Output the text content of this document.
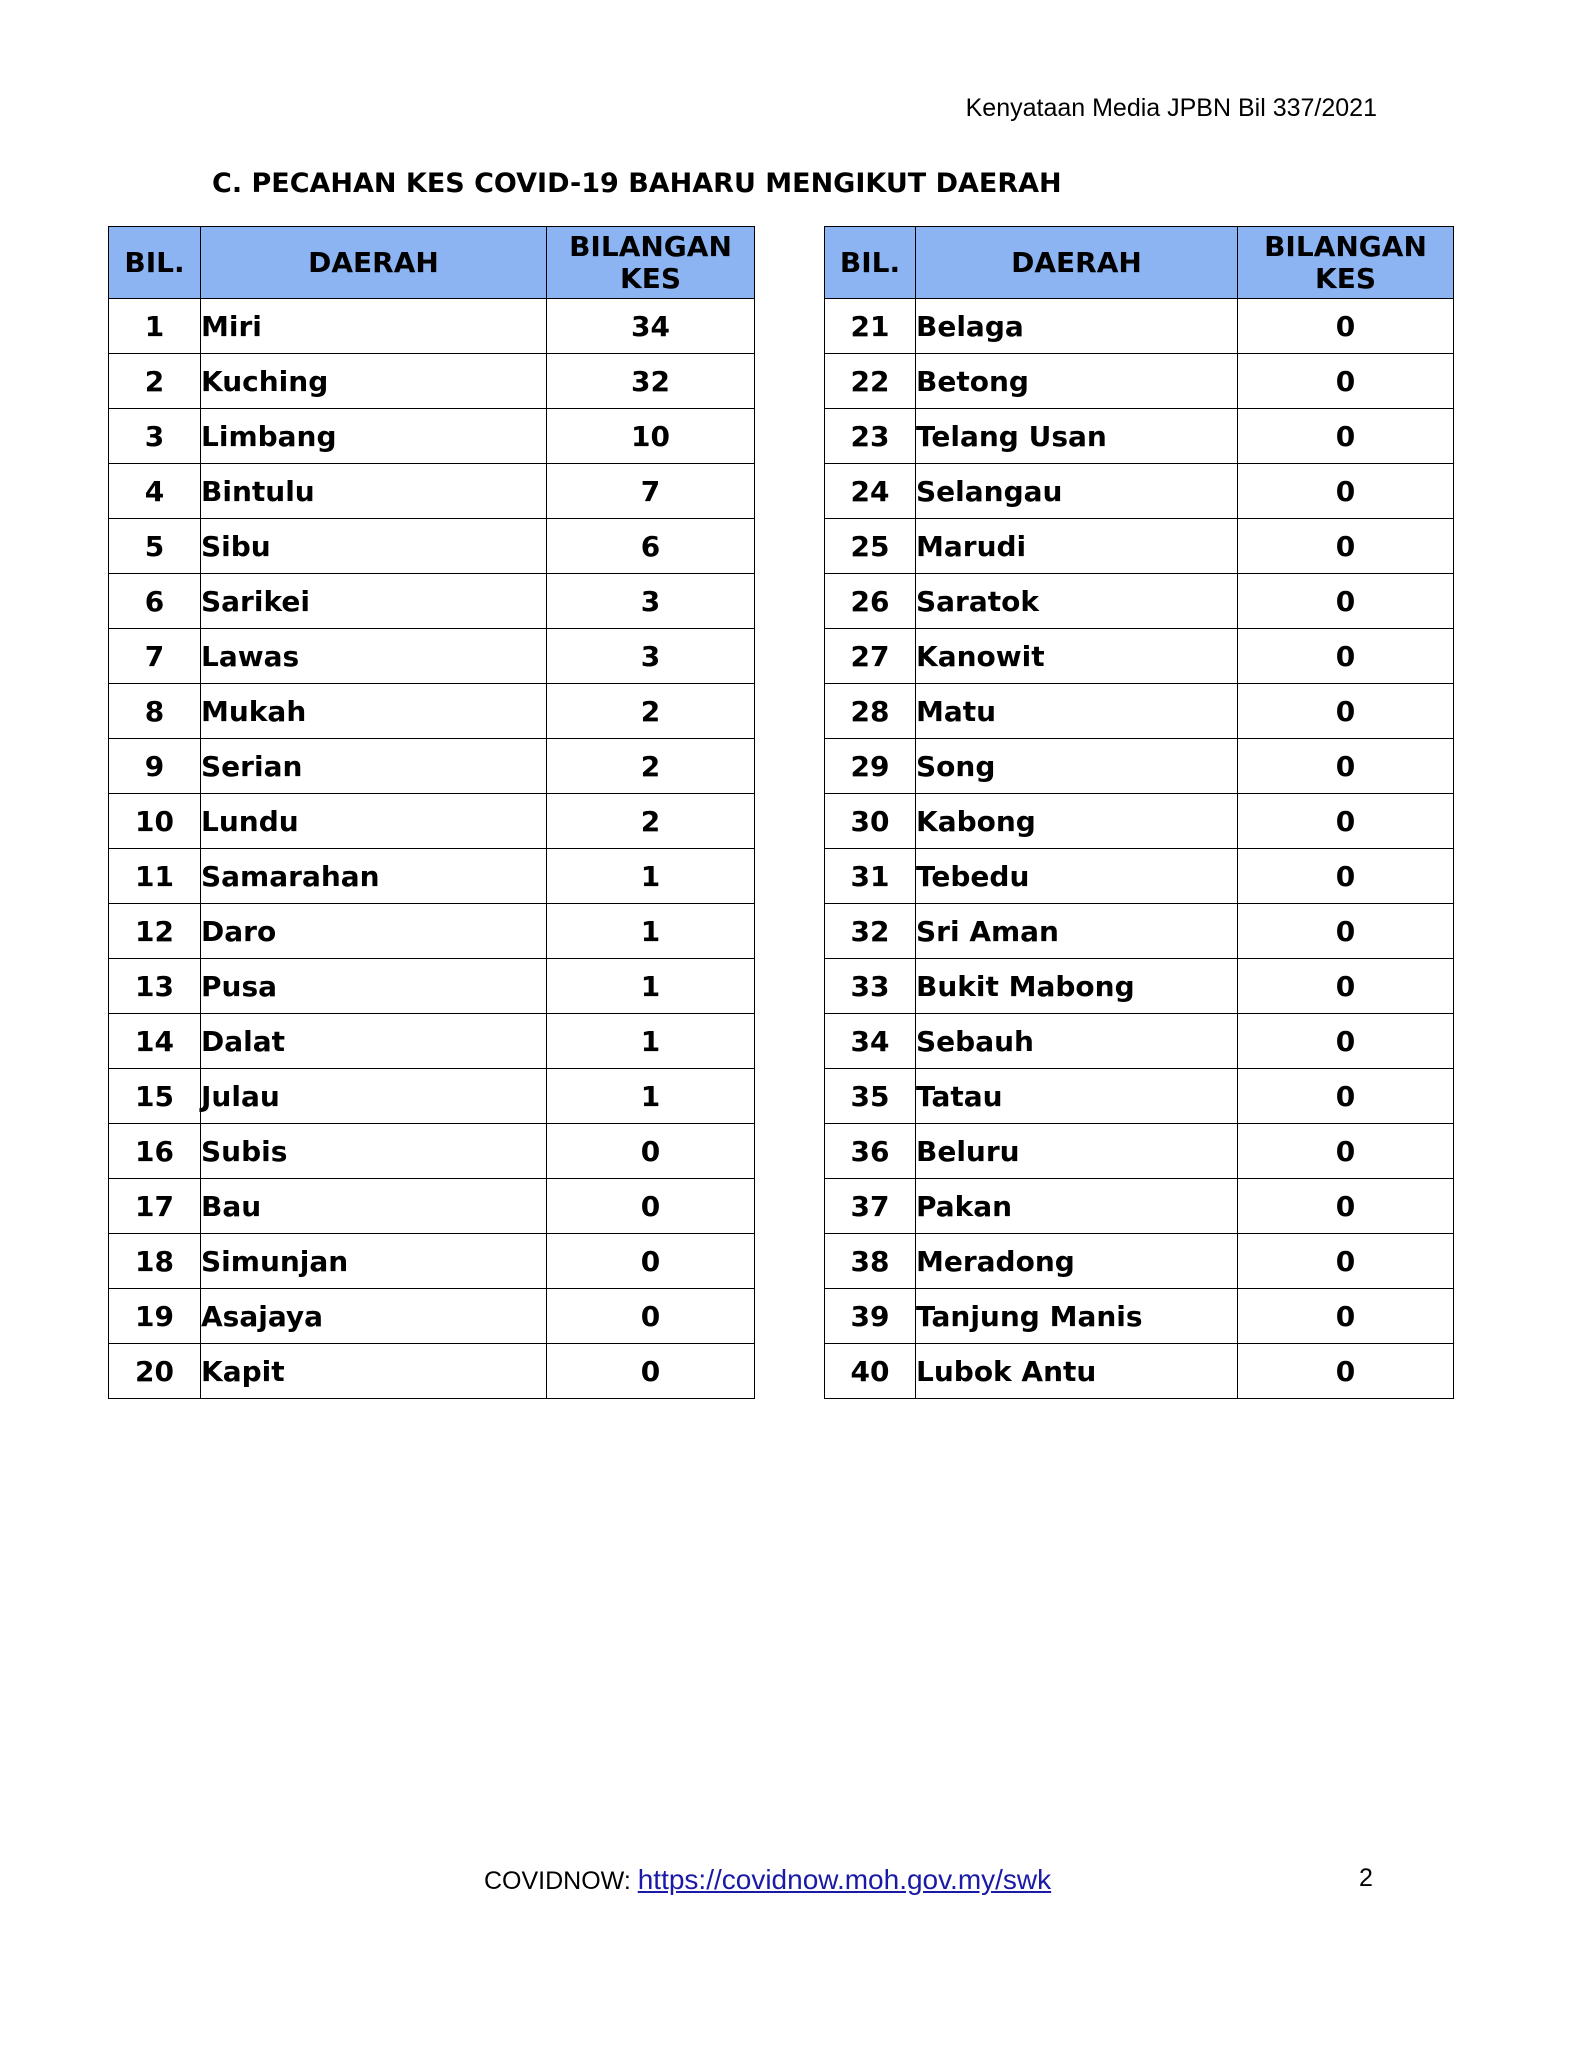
Kenyataan Media JPBN Bil 337/2021
C. PECAHAN KES COVID-19 BAHARU MENGIKUT DAERAH
BIL.	DAERAH	BILANGAN
KES
1	Miri	34
2	Kuching	32
3	Limbang	10
4	Bintulu	7
5	Sibu	6
6	Sarikei	3
7	Lawas	3
8	Mukah	2
9	Serian	2
10	Lundu	2
11	Samarahan	1
12	Daro	1
13	Pusa	1
14	Dalat	1
15	Julau	1
16	Subis	0
17	Bau	0
18	Simunjan	0
19	Asajaya	0
20	Kapit	0
BIL.	DAERAH	BILANGAN
KES
21	Belaga	0
22	Betong	0
23	Telang Usan	0
24	Selangau	0
25	Marudi	0
26	Saratok	0
27	Kanowit	0
28	Matu	0
29	Song	0
30	Kabong	0
31	Tebedu	0
32	Sri Aman	0
33	Bukit Mabong	0
34	Sebauh	0
35	Tatau	0
36	Beluru	0
37	Pakan	0
38	Meradong	0
39	Tanjung Manis	0
40	Lubok Antu	0
COVIDNOW: https://covidnow.moh.gov.my/swk	2
